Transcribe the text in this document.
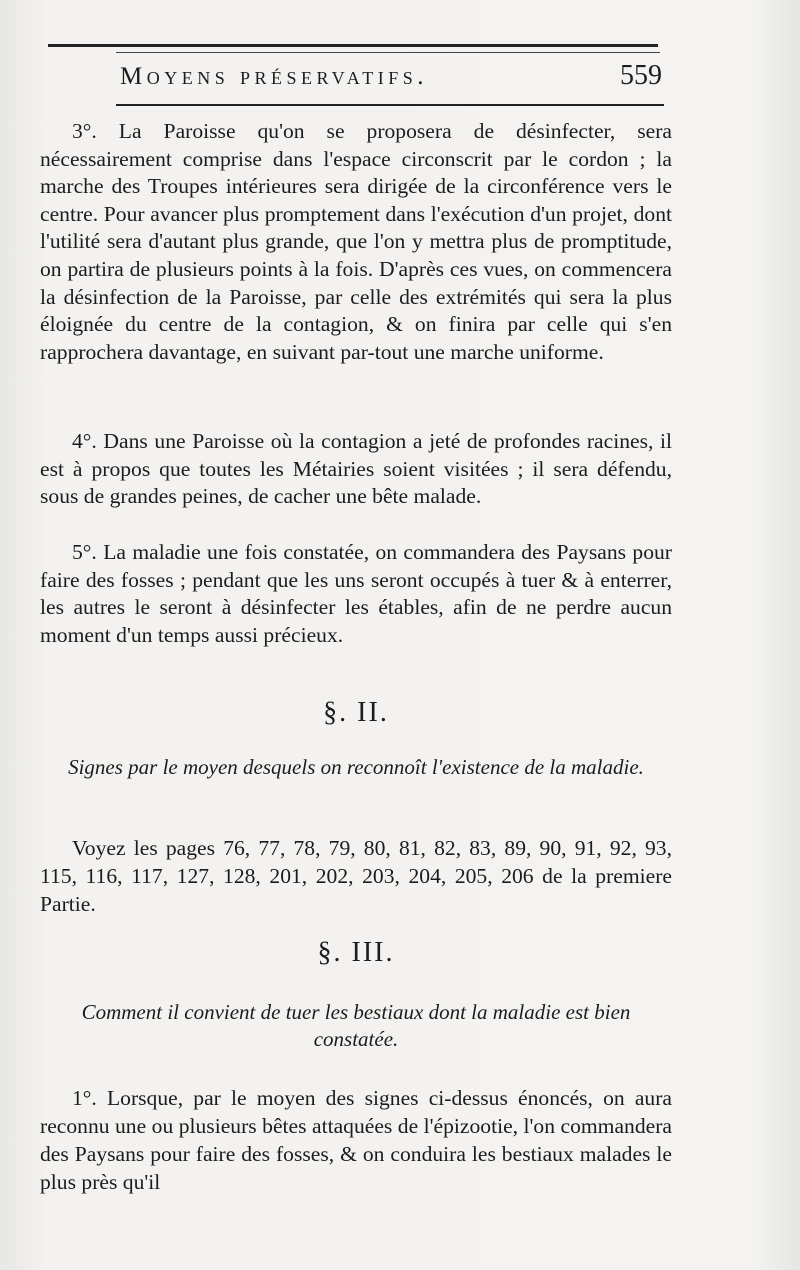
Moyens préservatifs.	559

3°. La Paroisse qu'on se proposera de désinfecter, sera nécessairement comprise dans l'espace circonscrit par le cordon ; la marche des Troupes intérieures sera dirigée de la circonférence vers le centre. Pour avancer plus promptement dans l'exécution d'un projet, dont l'utilité sera d'autant plus grande, que l'on y mettra plus de promptitude, on partira de plusieurs points à la fois. D'après ces vues, on commencera la désinfection de la Paroisse, par celle des extrémités qui sera la plus éloignée du centre de la contagion, & on finira par celle qui s'en rapprochera davantage, en suivant par-tout une marche uniforme.

4°. Dans une Paroisse où la contagion a jeté de profondes racines, il est à propos que toutes les Métairies soient visitées ; il sera défendu, sous de grandes peines, de cacher une bête malade.

5°. La maladie une fois constatée, on commandera des Paysans pour faire des fosses ; pendant que les uns seront occupés à tuer & à enterrer, les autres le seront à désinfecter les étables, afin de ne perdre aucun moment d'un temps aussi précieux.

§. II.
Signes par le moyen desquels on reconnoît l'existence de la maladie.
Voyez les pages 76, 77, 78, 79, 80, 81, 82, 83, 89, 90, 91, 92, 93, 115, 116, 117, 127, 128, 201, 202, 203, 204, 205, 206 de la premiere Partie.
§. III.
Comment il convient de tuer les bestiaux dont la maladie est bien constatée.

1°. Lorsque, par le moyen des signes ci-dessus énoncés, on aura reconnu une ou plusieurs bêtes attaquées de l'épizootie, l'on commandera des Paysans pour faire des fosses, & on conduira les bestiaux malades le plus près qu'il
